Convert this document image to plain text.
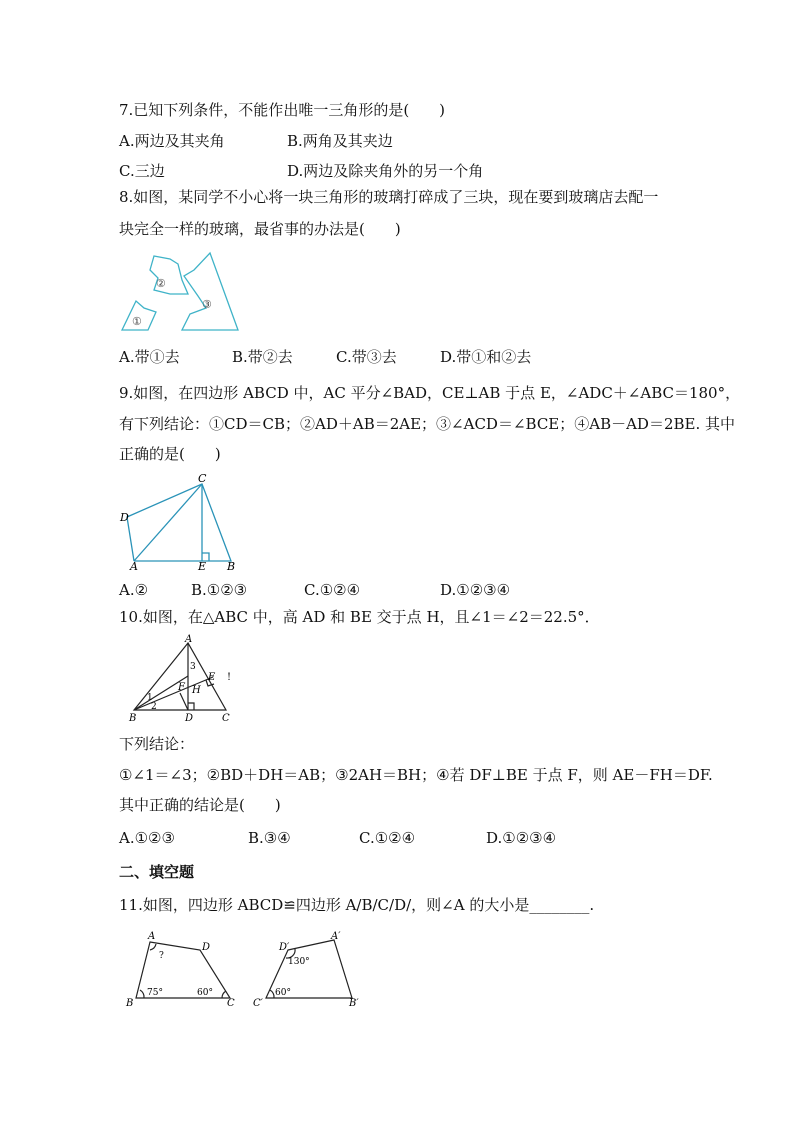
7.已知下列条件，不能作出唯一三角形的是(　　)
A.两边及其夹角	B.两角及其夹边
C.三边	D.两边及除夹角外的另一个角
8.如图，某同学不小心将一块三角形的玻璃打碎成了三块，现在要到玻璃店去配一
块完全一样的玻璃，最省事的办法是(　　)
①
②
③
A.带①去	B.带②去	C.带③去	D.带①和②去
9.如图，在四边形 ABCD 中，AC 平分∠BAD，CE⊥AB 于点 E，∠ADC＋∠ABC＝180°，
有下列结论：①CD＝CB；②AD＋AB＝2AE；③∠ACD＝∠BCE；④AB－AD＝2BE. 其中
正确的是(　　)
D
C
A	E B
A.②	B.①②③	C.①②④	D.①②③④
10.如图，在△ABC 中，高 AD 和 BE 交于点 H，且∠1＝∠2＝22.5°．
A
B	D	C
E
F H
1
2
3
!
下列结论：
①∠1＝∠3；②BD＋DH＝AB；③2AH＝BH；④若 DF⊥BE 于点 F，则 AE－FH＝DF.
其中正确的结论是(　　)
A.①②③	B.③④	C.①②④	D.①②③④
二、填空题
11.如图，四边形 ABCD≌四边形 A/B/C/D/，则∠A 的大小是________.
A
D
B	C
?
75°	60°
D′
A′
C′	B′
130°
60°
